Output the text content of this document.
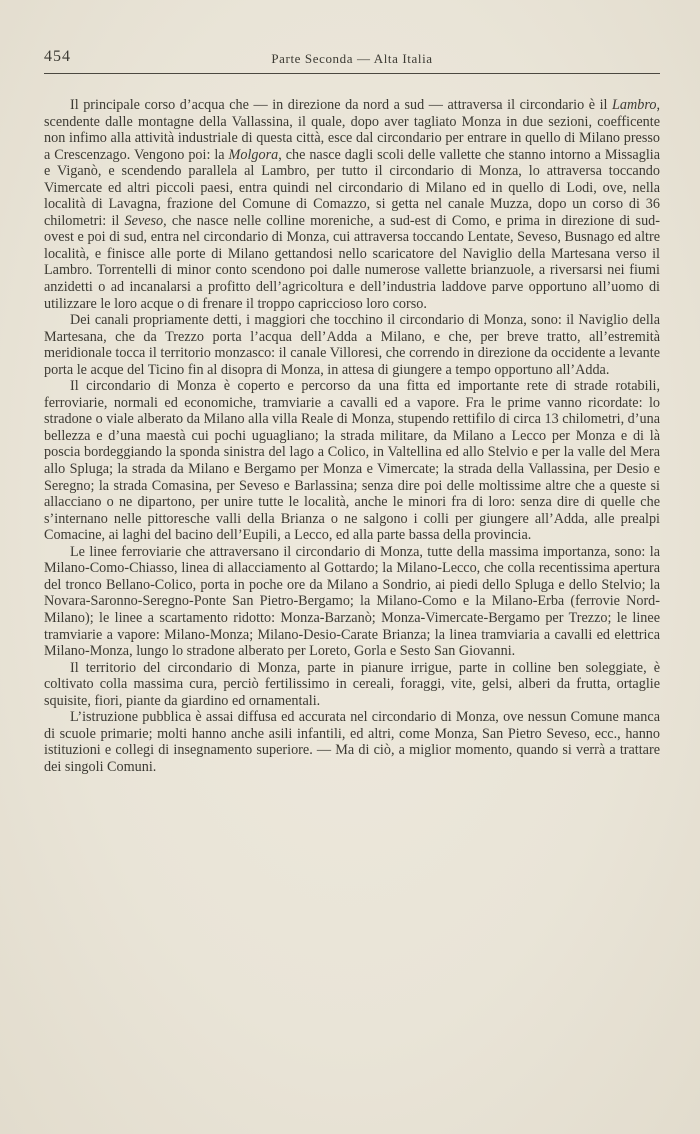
454	Parte Seconda — Alta Italia

Il principale corso d’acqua che — in direzione da nord a sud — attraversa il circondario è il Lambro, scendente dalle montagne della Vallassina, il quale, dopo aver tagliato Monza in due sezioni, coefficente non infimo alla attività industriale di questa città, esce dal circondario per entrare in quello di Milano presso a Crescenzago. Vengono poi: la Molgora, che nasce dagli scoli delle vallette che stanno intorno a Missaglia e Viganò, e scendendo parallela al Lambro, per tutto il circondario di Monza, lo attraversa toccando Vimercate ed altri piccoli paesi, entra quindi nel circondario di Milano ed in quello di Lodi, ove, nella località di Lavagna, frazione del Comune di Comazzo, si getta nel canale Muzza, dopo un corso di 36 chilometri: il Seveso, che nasce nelle colline moreniche, a sud-est di Como, e prima in direzione di sud-ovest e poi di sud, entra nel circondario di Monza, cui attraversa toccando Lentate, Seveso, Busnago ed altre località, e finisce alle porte di Milano gettandosi nello scaricatore del Naviglio della Martesana verso il Lambro. Torrentelli di minor conto scendono poi dalle numerose vallette brianzuole, a riversarsi nei fiumi anzidetti o ad incanalarsi a profitto dell’agricoltura e dell’industria laddove parve opportuno all’uomo di utilizzare le loro acque o di frenare il troppo capriccioso loro corso.

Dei canali propriamente detti, i maggiori che tocchino il circondario di Monza, sono: il Naviglio della Martesana, che da Trezzo porta l’acqua dell’Adda a Milano, e che, per breve tratto, all’estremità meridionale tocca il territorio monzasco: il canale Villoresi, che correndo in direzione da occidente a levante porta le acque del Ticino fin al disopra di Monza, in attesa di giungere a tempo opportuno all’Adda.

Il circondario di Monza è coperto e percorso da una fitta ed importante rete di strade rotabili, ferroviarie, normali ed economiche, tramviarie a cavalli ed a vapore. Fra le prime vanno ricordate: lo stradone o viale alberato da Milano alla villa Reale di Monza, stupendo rettifilo di circa 13 chilometri, d’una bellezza e d’una maestà cui pochi uguagliano; la strada militare, da Milano a Lecco per Monza e di là poscia bordeggiando la sponda sinistra del lago a Colico, in Valtellina ed allo Stelvio e per la valle del Mera allo Spluga; la strada da Milano e Bergamo per Monza e Vimercate; la strada della Vallassina, per Desio e Seregno; la strada Comasina, per Seveso e Barlassina; senza dire poi delle moltissime altre che a queste si allacciano o ne dipartono, per unire tutte le località, anche le minori fra di loro: senza dire di quelle che s’internano nelle pittoresche valli della Brianza o ne salgono i colli per giungere all’Adda, alle prealpi Comacine, ai laghi del bacino dell’Eupili, a Lecco, ed alla parte bassa della provincia.

Le linee ferroviarie che attraversano il circondario di Monza, tutte della massima importanza, sono: la Milano-Como-Chiasso, linea di allacciamento al Gottardo; la Milano-Lecco, che colla recentissima apertura del tronco Bellano-Colico, porta in poche ore da Milano a Sondrio, ai piedi dello Spluga e dello Stelvio; la Novara-Saronno-Seregno-Ponte San Pietro-Bergamo; la Milano-Como e la Milano-Erba (ferrovie Nord-Milano); le linee a scartamento ridotto: Monza-Barzanò; Monza-Vimercate-Bergamo per Trezzo; le linee tramviarie a vapore: Milano-Monza; Milano-Desio-Carate Brianza; la linea tramviaria a cavalli ed elettrica Milano-Monza, lungo lo stradone alberato per Loreto, Gorla e Sesto San Giovanni.

Il territorio del circondario di Monza, parte in pianure irrigue, parte in colline ben soleggiate, è coltivato colla massima cura, perciò fertilissimo in cereali, foraggi, vite, gelsi, alberi da frutta, ortaglie squisite, fiori, piante da giardino ed ornamentali.

L’istruzione pubblica è assai diffusa ed accurata nel circondario di Monza, ove nessun Comune manca di scuole primarie; molti hanno anche asili infantili, ed altri, come Monza, San Pietro Seveso, ecc., hanno istituzioni e collegi di insegnamento superiore. — Ma di ciò, a miglior momento, quando si verrà a trattare dei singoli Comuni.
